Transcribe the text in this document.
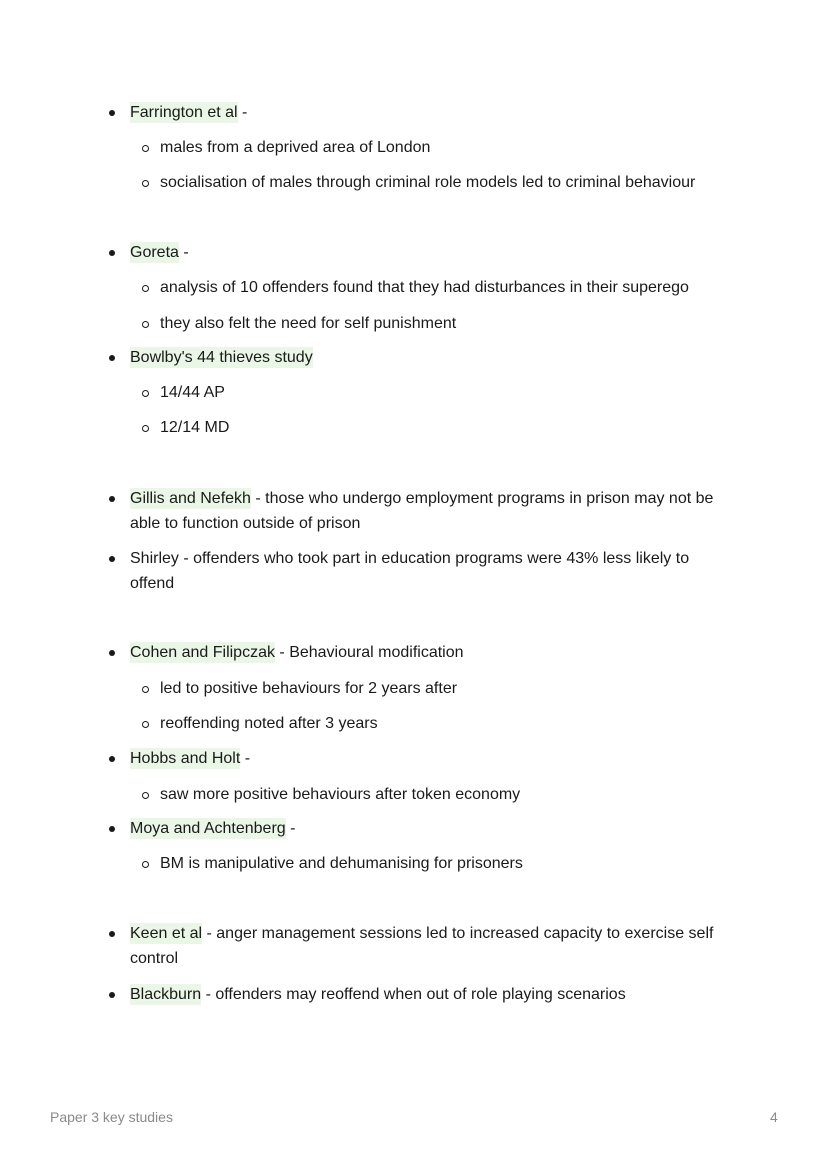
Farrington et al -
males from a deprived area of London
socialisation of males through criminal role models led to criminal behaviour
Goreta -
analysis of 10 offenders found that they had disturbances in their superego
they also felt the need for self punishment
Bowlby's 44 thieves study
14/44 AP
12/14 MD
Gillis and Nefekh - those who undergo employment programs in prison may not be able to function outside of prison
Shirley - offenders who took part in education programs were 43% less likely to offend
Cohen and Filipczak - Behavioural modification
led to positive behaviours for 2 years after
reoffending noted after 3 years
Hobbs and Holt -
saw more positive behaviours after token economy
Moya and Achtenberg -
BM is manipulative and dehumanising for prisoners
Keen et al - anger management sessions led to increased capacity to exercise self control
Blackburn - offenders may reoffend when out of role playing scenarios
Paper 3 key studies	4
